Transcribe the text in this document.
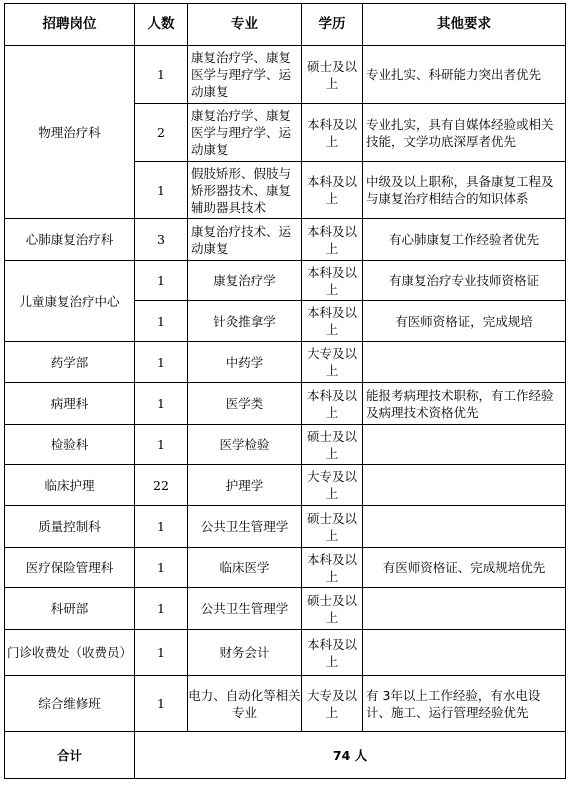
招聘岗位	人数	专业	学历	其他要求
物理治疗科	1	康复治疗学、康复医学与理疗学、运动康复	硕士及以上	专业扎实、科研能力突出者优先
	2	康复治疗学、康复医学与理疗学、运动康复	本科及以上	专业扎实，具有自媒体经验或相关技能，文学功底深厚者优先
	1	假肢矫形、假肢与矫形器技术、康复辅助器具技术	本科及以上	中级及以上职称，具备康复工程及与康复治疗相结合的知识体系
心肺康复治疗科	3	康复治疗技术、运动康复	本科及以上	有心肺康复工作经验者优先
儿童康复治疗中心	1	康复治疗学	本科及以上	有康复治疗专业技师资格证
	1	针灸推拿学	本科及以上	有医师资格证，完成规培
药学部	1	中药学	大专及以上	
病理科	1	医学类	本科及以上	能报考病理技术职称，有工作经验及病理技术资格优先
检验科	1	医学检验	硕士及以上	
临床护理	22	护理学	大专及以上	
质量控制科	1	公共卫生管理学	硕士及以上	
医疗保险管理科	1	临床医学	本科及以上	有医师资格证、完成规培优先
科研部	1	公共卫生管理学	硕士及以上	
门诊收费处（收费员）	1	财务会计	本科及以上	
综合维修班	1	电力、自动化等相关专业	大专及以上	有 3年以上工作经验，有水电设计、施工、运行管理经验优先
合计	74 人			
